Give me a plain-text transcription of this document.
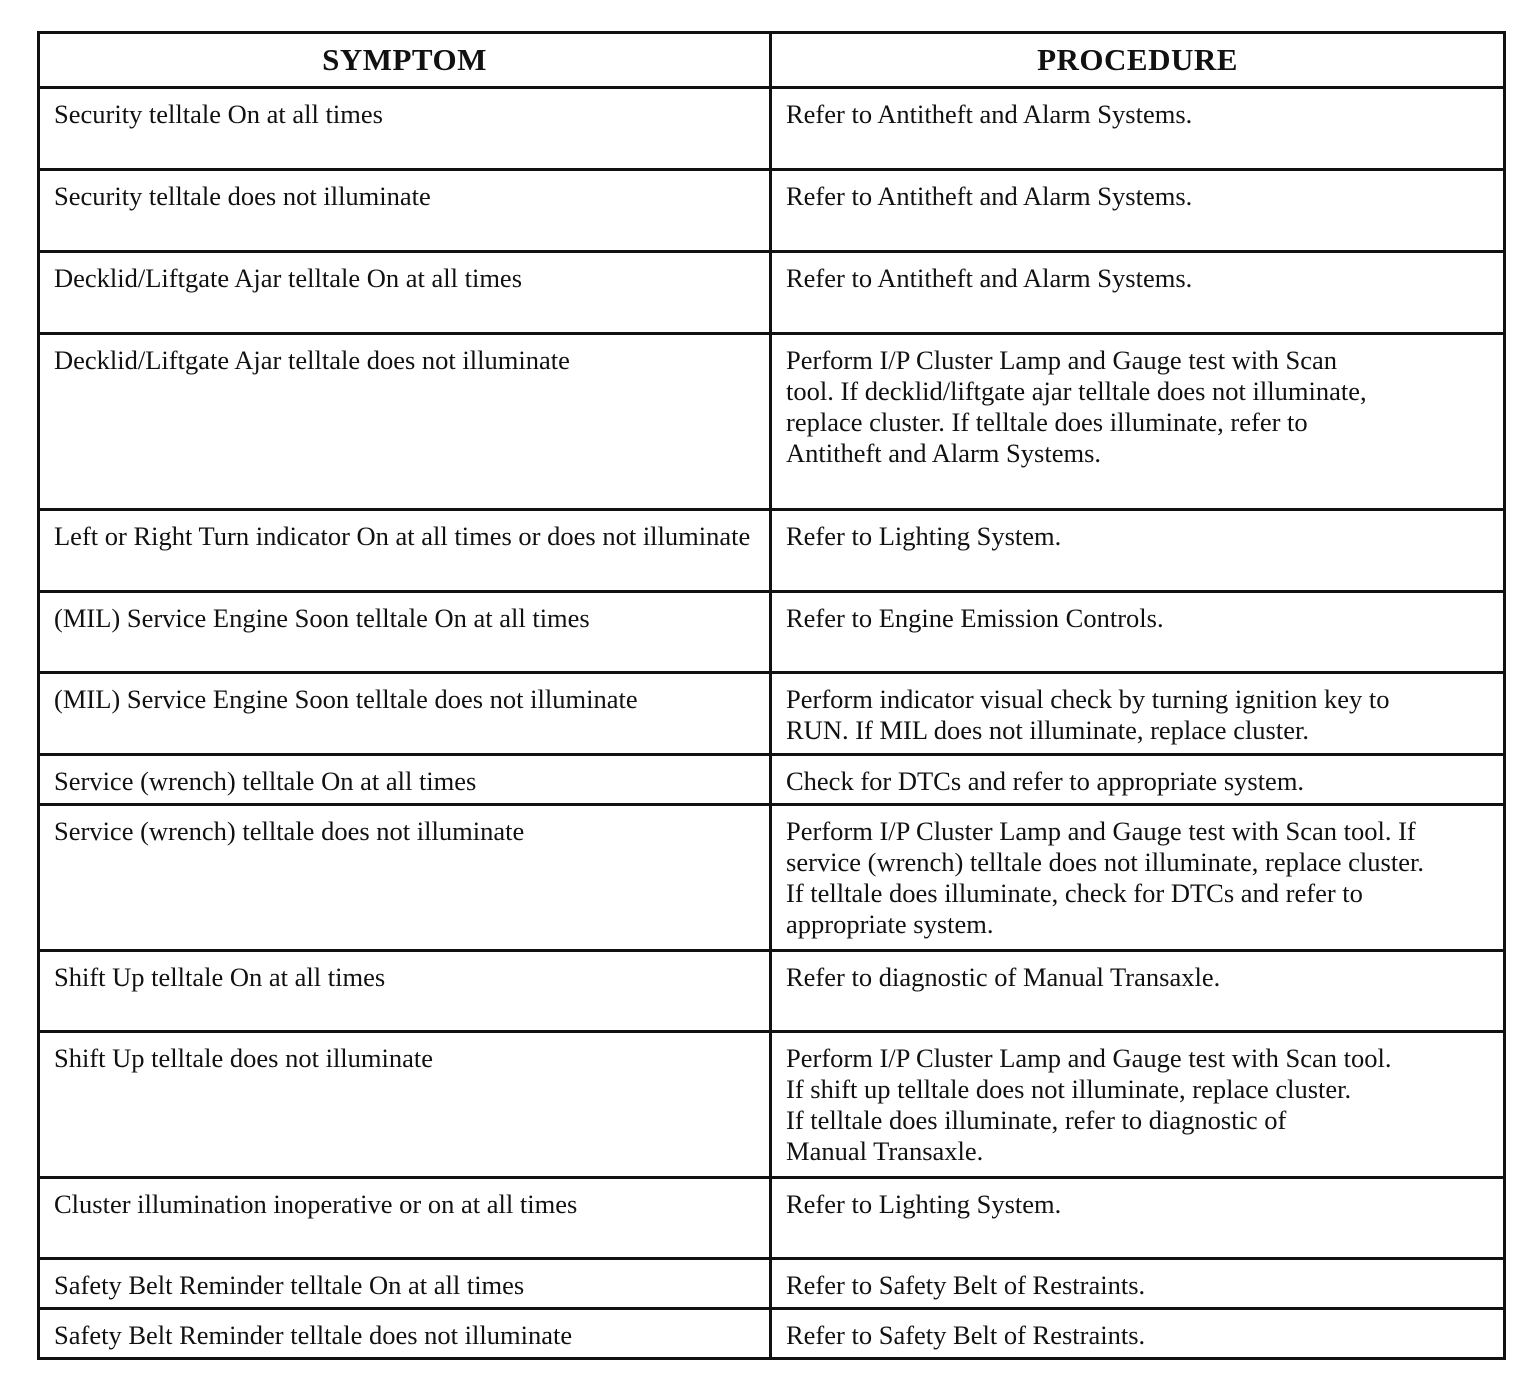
SYMPTOM	PROCEDURE
Security telltale On at all times	Refer to Antitheft and Alarm Systems.

Security telltale does not illuminate	Refer to Antitheft and Alarm Systems.

Decklid/Liftgate Ajar telltale On at all times	Refer to Antitheft and Alarm Systems.

Decklid/Liftgate Ajar telltale does not illuminate	Perform I/P Cluster Lamp and Gauge test with Scan
tool. If decklid/liftgate ajar telltale does not illuminate,
replace cluster. If telltale does illuminate, refer to
Antitheft and Alarm Systems.

Left or Right Turn indicator On at all times or does not illuminate	Refer to Lighting System.

(MIL) Service Engine Soon telltale On at all times	Refer to Engine Emission Controls.

(MIL) Service Engine Soon telltale does not illuminate	Perform indicator visual check by turning ignition key to
RUN. If MIL does not illuminate, replace cluster.

Service (wrench) telltale On at all times	Check for DTCs and refer to appropriate system.

Service (wrench) telltale does not illuminate	Perform I/P Cluster Lamp and Gauge test with Scan tool. If
service (wrench) telltale does not illuminate, replace cluster.
If telltale does illuminate, check for DTCs and refer to
appropriate system.

Shift Up telltale On at all times	Refer to diagnostic of Manual Transaxle.

Shift Up telltale does not illuminate	Perform I/P Cluster Lamp and Gauge test with Scan tool.
If shift up telltale does not illuminate, replace cluster.
If telltale does illuminate, refer to diagnostic of
Manual Transaxle.

Cluster illumination inoperative or on at all times	Refer to Lighting System.

Safety Belt Reminder telltale On at all times	Refer to Safety Belt of Restraints.

Safety Belt Reminder telltale does not illuminate	Refer to Safety Belt of Restraints.
